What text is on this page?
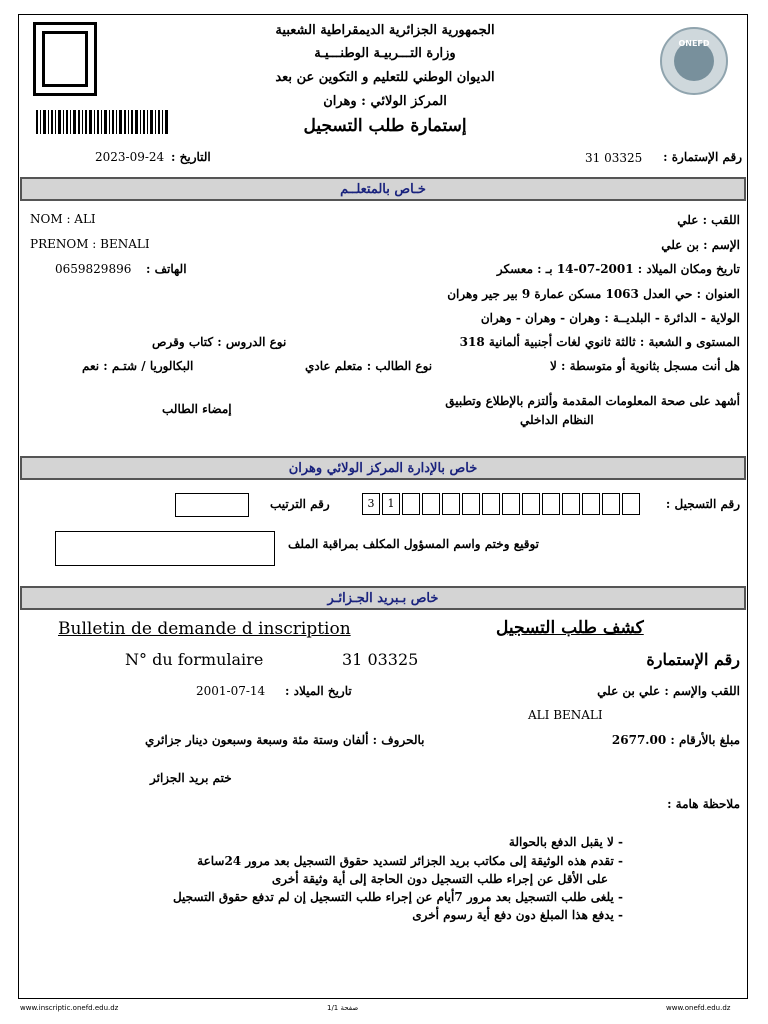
الجمهورية الجزائرية الديمقراطية الشعبية
وزارة التـــربيـة الوطنـــيـة
الديوان الوطني للتعليم و التكوين عن بعد
المركز الولائي : وهران
إستمارة طلب التسجيل
ONEFD
رقم الإستمارة :
31 03325
التاريخ :
2023-09-24
خـاص بالمتعلــم
NOM : ALI
PRENOM : BENALI
اللقب : علي
الإسم : بن علي
تاريخ ومكان الميلاد : 2001-07-14 بـ : معسكر
الهاتف :
0659829896
العنوان : حي العدل 1063 مسكن عمارة 9 بير جير وهران
الولاية - الدائرة - البلديــة : وهران - وهران - وهران
المستوى و الشعبة : ثالثة ثانوي لغات أجنبية ألمانية 318
نوع الدروس : كتاب وقرص
هل أنت مسجل بثانوية أو متوسطة : لا
نوع الطالب : متعلم عادي
البكالوريا / شتـم : نعم
أشهد على صحة المعلومات المقدمة وألتزم بالإطلاع وتطبيق
النظام الداخلي
إمضاء الطالب
خاص بالإدارة المركز الولائي وهران
رقم التسجيل :
3	1
رقم الترتيب
توقيع وختم واسم المسؤول المكلف بمراقبة الملف
خاص بـبريد الجـزائـر
Bulletin de demande d inscription	كشف طلب التسجيل
N° du formulaire	31 03325	رقم الإستمارة
تاريخ الميلاد :
2001-07-14	اللقب والإسم : علي بن علي
ALI BENALI
مبلغ بالأرقام : 2677.00
بالحروف : ألفان وستة مئة وسبعة وسبعون دينار جزائري
ختم بريد الجزائر
ملاحظة هامة :
- لا يقبل الدفع بالحوالة
- تقدم هذه الوثيقة إلى مكاتب بريد الجزائر لتسديد حقوق التسجيل بعد مرور 24ساعة
على الأقل عن إجراء طلب التسجيل دون الحاجة إلى أية وثيقة أخرى
- يلغى طلب التسجيل بعد مرور 7أيام عن إجراء طلب التسجيل إن لم تدفع حقوق التسجيل
- يدفع هذا المبلغ دون دفع أية رسوم أخرى
www.inscriptic.onefd.edu.dz	صفحة 1/1	www.onefd.edu.dz
